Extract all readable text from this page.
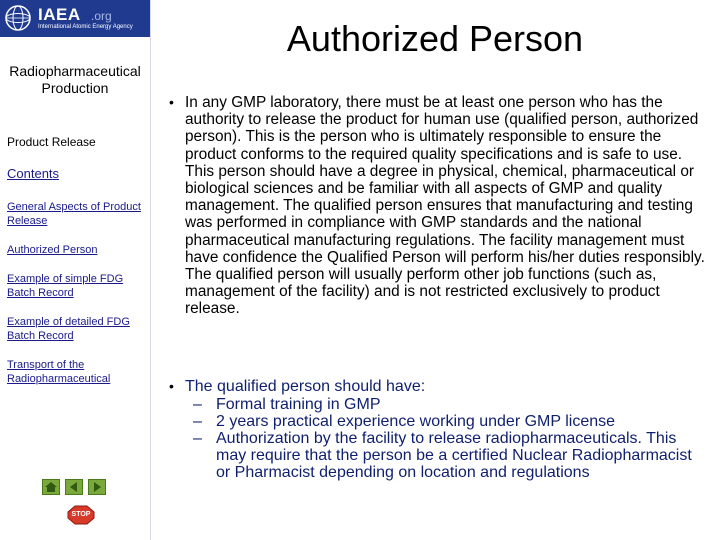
IAEA .org
International Atomic Energy Agency
Radiopharmaceutical Production
Product Release
Contents
General Aspects of Product Release
Authorized Person
Example of simple FDG Batch Record
Example of detailed FDG Batch Record
Transport of the Radiopharmaceutical
STOP
Authorized Person
• In any GMP laboratory, there must be at least one person who has the authority to release the product for human use (qualified person, authorized person). This is the person who is ultimately responsible to ensure the product conforms to the required quality specifications and is safe to use. This person should have a degree in physical, chemical, pharmaceutical or biological sciences and be familiar with all aspects of GMP and quality management. The qualified person ensures that manufacturing and testing was performed in compliance with GMP standards and the national pharmaceutical manufacturing regulations. The facility management must have confidence the Qualified Person will perform his/her duties responsibly. The qualified person will usually perform other job functions (such as, management of the facility) and is not restricted exclusively to product release.
• The qualified person should have:
– Formal training in GMP
– 2 years practical experience working under GMP license
– Authorization by the facility to release radiopharmaceuticals. This may require that the person be a certified Nuclear Radiopharmacist or Pharmacist depending on location and regulations
